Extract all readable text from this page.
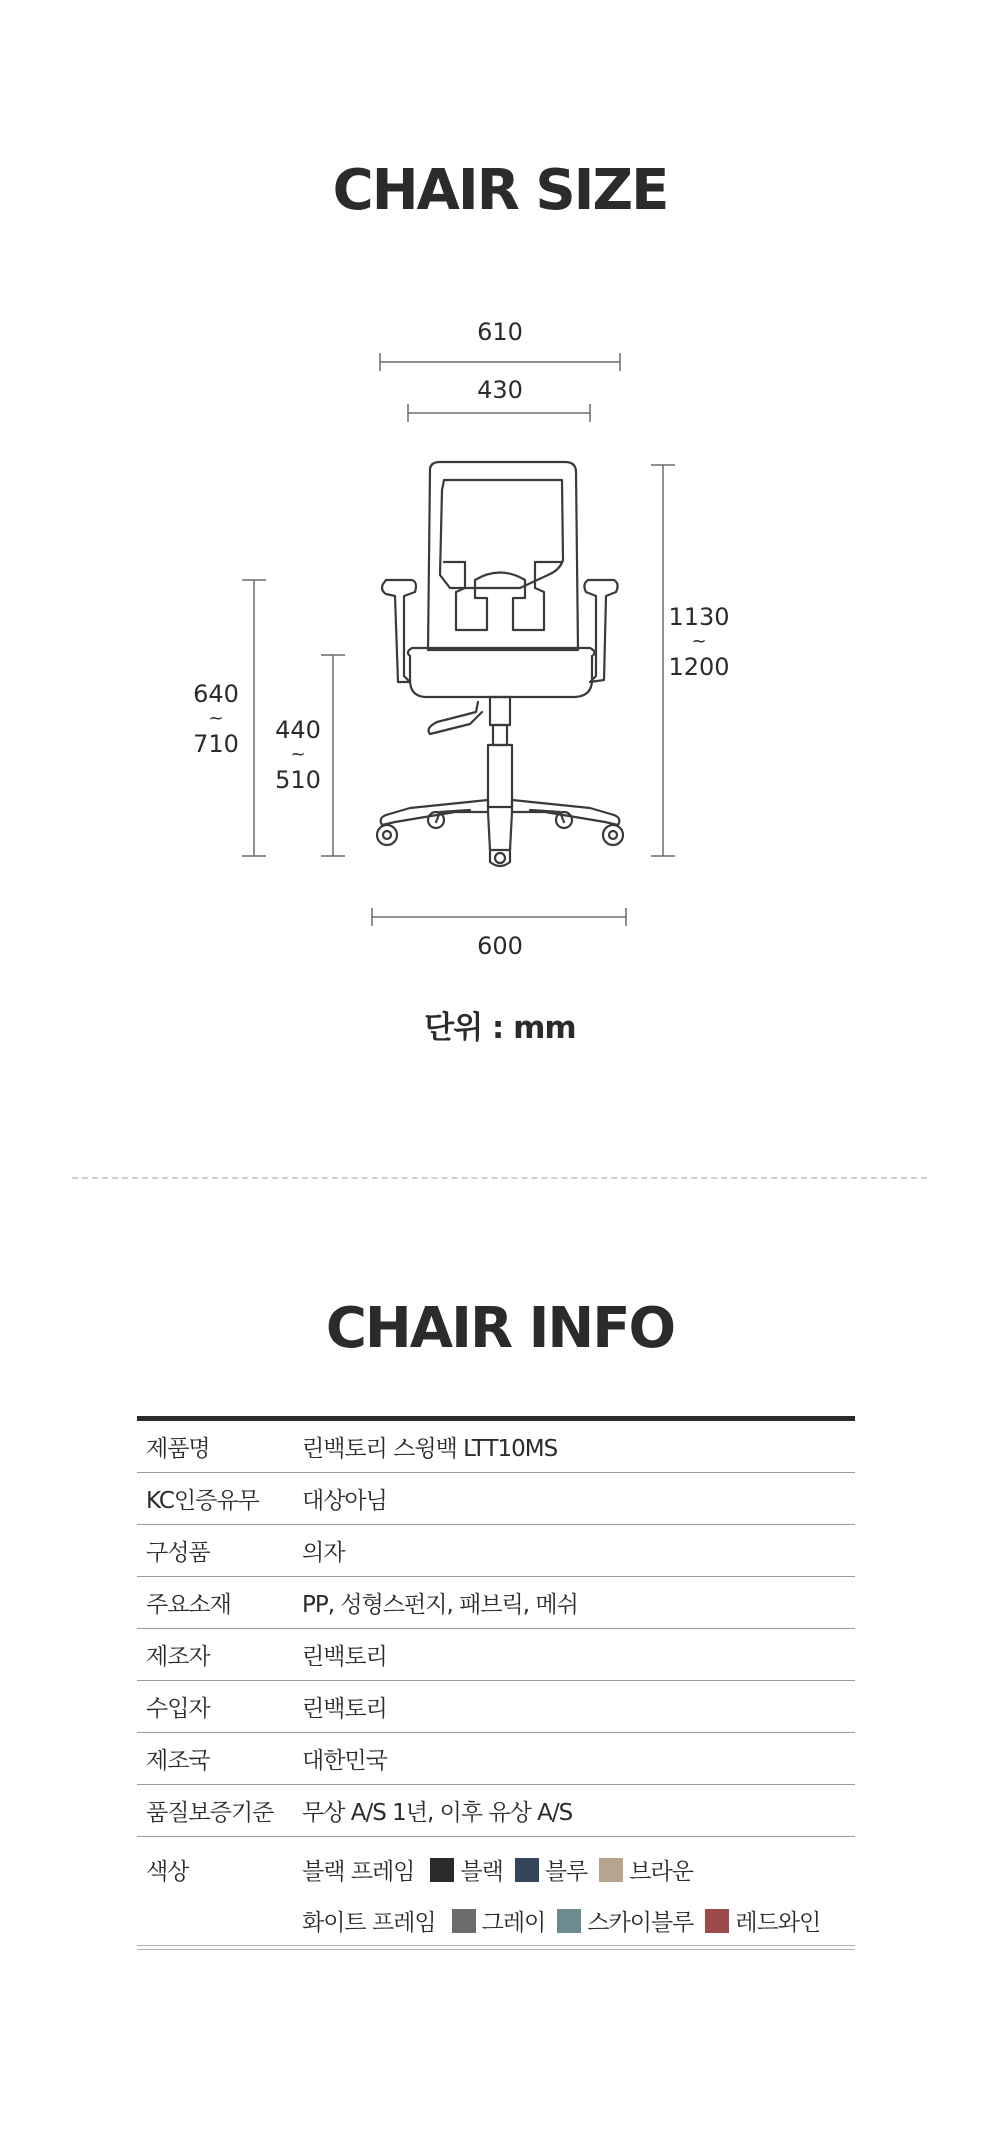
CHAIR SIZE
610
430
600
1130
~
1200
640
~
710	440
~
510
단위 : mm
CHAIR INFO
제품명	린백토리 스윙백 LTT10MS
KC인증유무	대상아님
구성품	의자
주요소재	PP, 성형스펀지, 패브릭, 메쉬
제조자	린백토리
수입자	린백토리
제조국	대한민국
품질보증기준	무상 A/S 1년, 이후 유상 A/S
색상	블랙 프레임 블랙 블루 브라운
화이트 프레임 그레이 스카이블루 레드와인
